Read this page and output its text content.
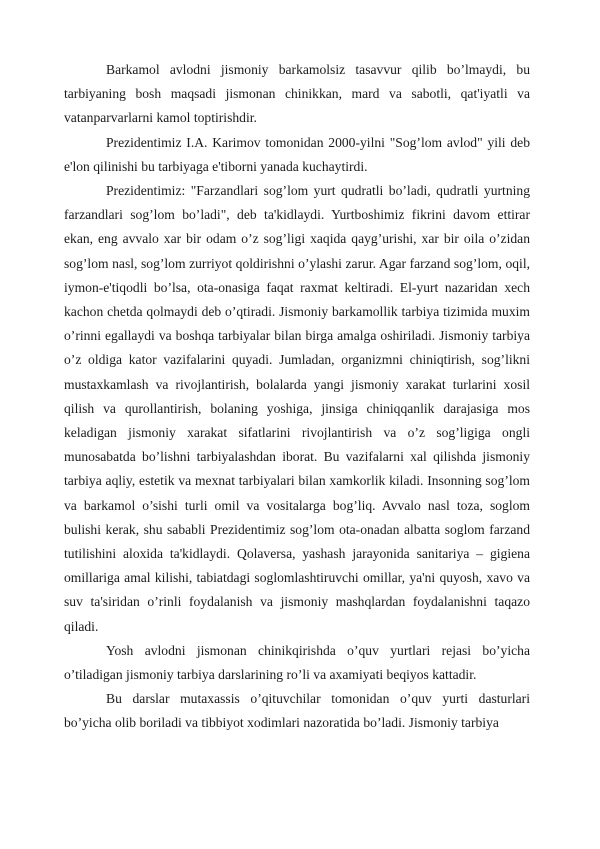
Barkamol avlodni jismoniy barkamolsiz tasavvur qilib bo’lmaydi, bu tarbiyaning bosh maqsadi jismonan chinikkan, mard va sabotli, qat'iyatli va vatanparvarlarni kamol toptirishdir.

Prezidentimiz I.A. Karimov tomonidan 2000-yilni "Sog’lom avlod" yili deb e'lon qilinishi bu tarbiyaga e'tiborni yanada kuchaytirdi.

Prezidentimiz: "Farzandlari sog’lom yurt qudratli bo’ladi, qudratli yurtning farzandlari sog’lom bo’ladi", deb ta'kidlaydi. Yurtboshimiz fikrini davom ettirar ekan, eng avvalo xar bir odam o’z sog’ligi xaqida qayg’urishi, xar bir oila o’zidan sog’lom nasl, sog’lom zurriyot qoldirishni o’ylashi zarur. Agar farzand sog’lom, oqil, iymon-e'tiqodli bo’lsa, ota-onasiga faqat raxmat keltiradi. El-yurt nazaridan xech kachon chetda qolmaydi deb o’qtiradi. Jismoniy barkamollik tarbiya tizimida muxim o’rinni egallaydi va boshqa tarbiyalar bilan birga amalga oshiriladi. Jismoniy tarbiya o’z oldiga kator vazifalarini quyadi. Jumladan, organizmni chiniqtirish, sog’likni mustaxkamlash va rivojlantirish, bolalarda yangi jismoniy xarakat turlarini xosil qilish va qurollantirish, bolaning yoshiga, jinsiga chiniqqanlik darajasiga mos keladigan jismoniy xarakat sifatlarini rivojlantirish va o’z sog’ligiga ongli munosabatda bo’lishni tarbiyalashdan iborat. Bu vazifalarni xal qilishda jismoniy tarbiya aqliy, estetik va mexnat tarbiyalari bilan xamkorlik kiladi. Insonning sog’lom va barkamol o’sishi turli omil va vositalarga bog’liq. Avvalo nasl toza, soglom bulishi kerak, shu sababli Prezidentimiz sog’lom ota-onadan albatta soglom farzand tutilishini aloxida ta'kidlaydi. Qolaversa, yashash jarayonida sanitariya – gigiena omillariga amal kilishi, tabiatdagi soglomlashtiruvchi omillar, ya'ni quyosh, xavo va suv ta'siridan o’rinli foydalanish va jismoniy mashqlardan foydalanishni taqazo qiladi.

Yosh avlodni jismonan chinikqirishda o’quv yurtlari rejasi bo’yicha o’tiladigan jismoniy tarbiya darslarining ro’li va axamiyati beqiyos kattadir.

Bu darslar mutaxassis o’qituvchilar tomonidan o’quv yurti dasturlari bo’yicha olib boriladi va tibbiyot xodimlari nazoratida bo’ladi. Jismoniy tarbiya
